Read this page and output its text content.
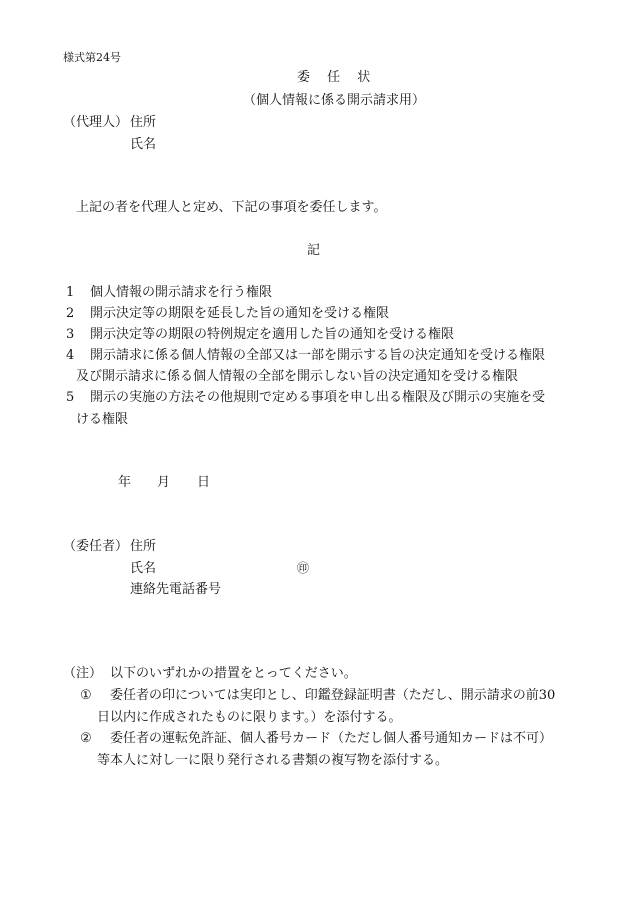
様式第24号
委　 任　 状
（個人情報に係る開示請求用）
（代理人） 住所
氏名
上記の者を代理人と定め、下記の事項を委任します。
記
1 個人情報の開示請求を行う権限
2 開示決定等の期限を延長した旨の通知を受ける権限
3 開示決定等の期限の特例規定を適用した旨の通知を受ける権限
4 開示請求に係る個人情報の全部又は一部を開示する旨の決定通知を受ける権限
及び開示請求に係る個人情報の全部を開示しない旨の決定通知を受ける権限
5 開示の実施の方法その他規則で定める事項を申し出る権限及び開示の実施を受
ける権限
年 月 日
（委任者） 住所
氏名	㊞
連絡先電話番号
（注） 以下のいずれかの措置をとってください。
① 委任者の印については実印とし、印鑑登録証明書（ただし、開示請求の前30
日以内に作成されたものに限ります。）を添付する。
② 委任者の運転免許証、個人番号カード（ただし個人番号通知カードは不可）
等本人に対し一に限り発行される書類の複写物を添付する。
